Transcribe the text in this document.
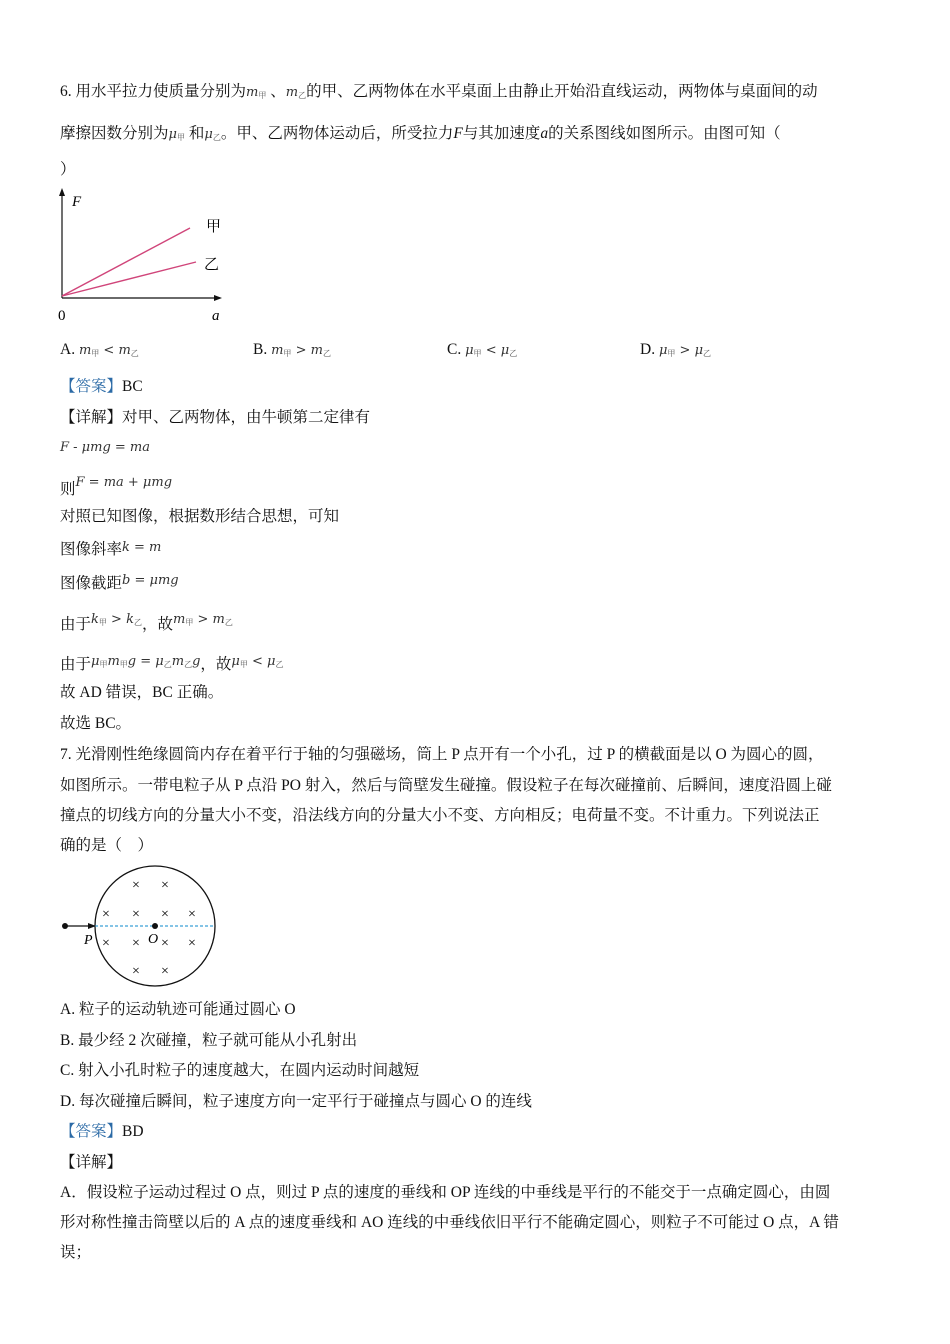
6. 用水平拉力使质量分别为$m_甲$ 、$m_乙$的甲、乙两物体在水平桌面上由静止开始沿直线运动，两物体与桌面间的动
摩擦因数分别为$\mu_甲$ 和$\mu_乙$。甲、乙两物体运动后，所受拉力F与其加速度a的关系图线如图所示。由图可知（
）
F
甲
乙
0	a
A. $m_甲 < m_乙$	B. $m_甲 > m_乙$	C. $\mu_甲 < \mu_乙$	D. $\mu_甲 > \mu_乙$
【答案】BC
【详解】对甲、乙两物体，由牛顿第二定律有
F - μmg = ma
则F = ma + μmg
对照已知图像，根据数形结合思想，可知
图像斜率k = m
图像截距b = μmg
由于$k_甲 > k_乙$，故$m_甲 > m_乙$
由于$\mu_甲m_甲g = \mu_乙m_乙g$，故$\mu_甲 < \mu_乙$
故 AD 错误，BC 正确。
故选 BC。
7. 光滑刚性绝缘圆筒内存在着平行于轴的匀强磁场，筒上 P 点开有一个小孔，过 P 的横截面是以 O 为圆心的圆，
如图所示。一带电粒子从 P 点沿 PO 射入，然后与筒壁发生碰撞。假设粒子在每次碰撞前、后瞬间，速度沿圆上碰
撞点的切线方向的分量大小不变，沿法线方向的分量大小不变、方向相反；电荷量不变。不计重力。下列说法正
确的是（　）
P	O
× ×
× × × ×
× × × ×
× ×
A. 粒子的运动轨迹可能通过圆心 O
B. 最少经 2 次碰撞，粒子就可能从小孔射出
C. 射入小孔时粒子的速度越大，在圆内运动时间越短
D. 每次碰撞后瞬间，粒子速度方向一定平行于碰撞点与圆心 O 的连线
【答案】BD
【详解】
A．假设粒子运动过程过 O 点，则过 P 点的速度的垂线和 OP 连线的中垂线是平行的不能交于一点确定圆心，由圆
形对称性撞击筒壁以后的 A 点的速度垂线和 AO 连线的中垂线依旧平行不能确定圆心，则粒子不可能过 O 点，A 错
误；
